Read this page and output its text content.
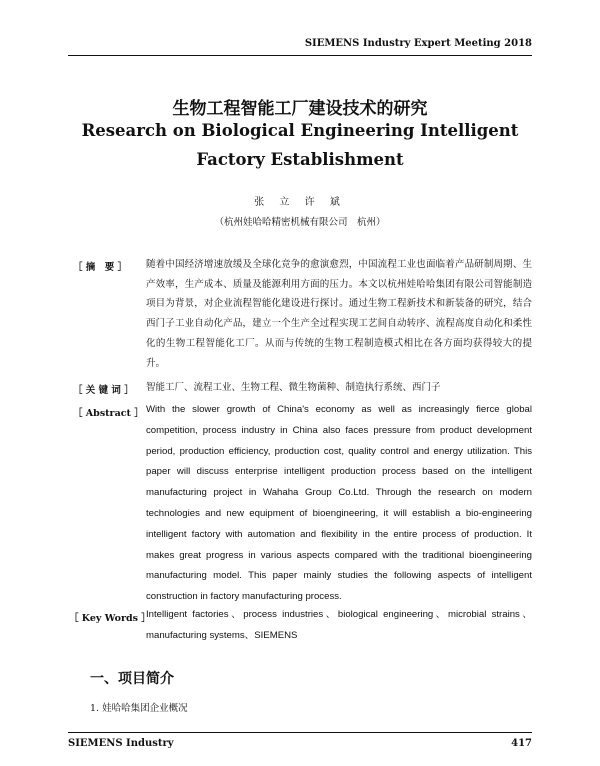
SIEMENS Industry Expert Meeting 2018
生物工程智能工厂建设技术的研究
Research on Biological Engineering Intelligent
Factory Establishment
张 立 许 斌
（杭州娃哈哈精密机械有限公司　杭州）
［ 摘　要 ］ 随着中国经济增速放缓及全球化竞争的愈演愈烈，中国流程工业也面临着产品研制周期、生产效率，生产成本、质量及能源利用方面的压力。本文以杭州娃哈哈集团有限公司智能制造项目为背景，对企业流程智能化建设进行探讨。通过生物工程新技术和新装备的研究，结合西门子工业自动化产品，建立一个生产全过程实现工艺间自动转序、流程高度自动化和柔性化的生物工程智能化工厂。从而与传统的生物工程制造模式相比在各方面均获得较大的提升。

［ 关 键 词 ］ 智能工厂、流程工业、生物工程、微生物菌种、制造执行系统、西门子

［ Abstract ］ With the slower growth of China's economy as well as increasingly fierce global competition, process industry in China also faces pressure from product development period, production efficiency, production cost, quality control and energy utilization. This paper will discuss enterprise intelligent production process based on the intelligent manufacturing project in Wahaha Group Co.Ltd. Through the research on modern technologies and new equipment of bioengineering, it will establish a bio-engineering intelligent factory with automation and flexibility in the entire process of production. It makes great progress in various aspects compared with the traditional bioengineering manufacturing model. This paper mainly studies the following aspects of intelligent construction in factory manufacturing process.

［ Key Words ］

Intelligent factories、process industries、biological engineering、microbial strains、manufacturing systems、SIEMENS

一、项目简介
1. 娃哈哈集团企业概况
SIEMENS Industry	417
